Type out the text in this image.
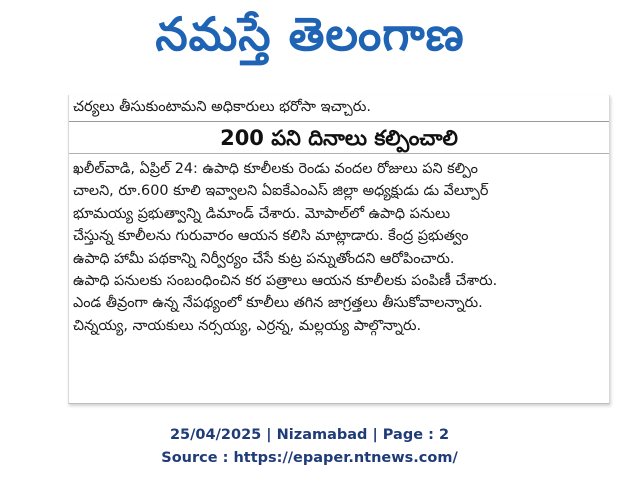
నమస్తే తెలంగాణ
చర్యలు తీసుకుంటామని అధికారులు భరోసా ఇచ్చారు.
200 పని దినాలు కల్పించాలి
ఖలీల్‌వాడి, ఏప్రిల్ 24: ఉపాధి కూలీలకు రెండు వందల రోజులు పని కల్పిం
చాలని, రూ.600 కూలి ఇవ్వాలని ఏఐకేఎంఎస్ జిల్లా అధ్యక్షుడు డు వేల్పూర్
భూమయ్య ప్రభుత్వాన్ని డిమాండ్ చేశారు. మోపాల్‌లో ఉపాధి పనులు
చేస్తున్న కూలీలను గురువారం ఆయన కలిసి మాట్లాడారు. కేంద్ర ప్రభుత్వం
ఉపాధి హామీ పథకాన్ని నిర్వీర్యం చేసే కుట్ర పన్నుతోందని ఆరోపించారు.
ఉపాధి పనులకు సంబంధించిన కర పత్రాలు ఆయన కూలీలకు పంపిణీ చేశారు.
ఎండ తీవ్రంగా ఉన్న నేపథ్యంలో కూలీలు తగిన జాగ్రత్తలు తీసుకోవాలన్నారు.
చిన్నయ్య, నాయకులు నర్సయ్య, ఎర్రన్న, మల్లయ్య పాల్గొన్నారు.
25/04/2025 | Nizamabad | Page : 2
Source : https://epaper.ntnews.com/
